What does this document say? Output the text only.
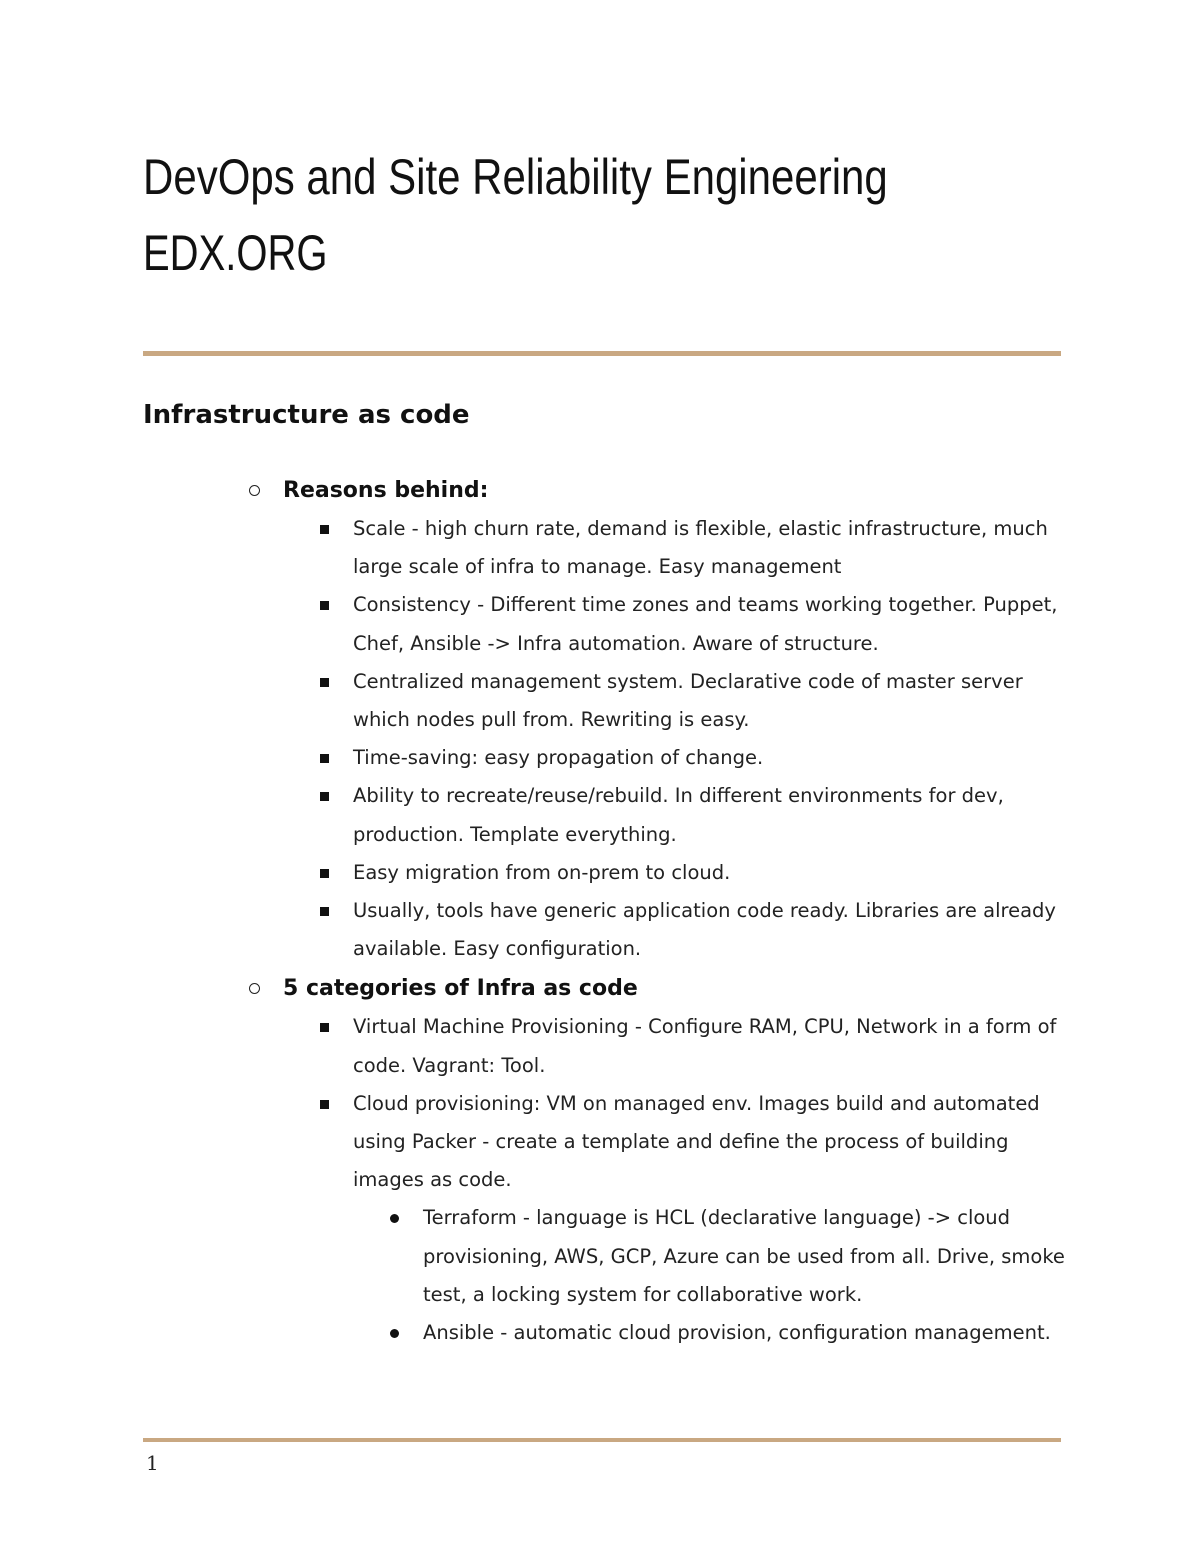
DevOps and Site Reliability Engineering
EDX.ORG
Infrastructure as code
Reasons behind:
Scale - high churn rate, demand is flexible, elastic infrastructure, much large scale of infra to manage. Easy management
Consistency - Different time zones and teams working together. Puppet, Chef, Ansible -> Infra automation. Aware of structure.
Centralized management system. Declarative code of master server which nodes pull from. Rewriting is easy.
Time-saving: easy propagation of change.
Ability to recreate/reuse/rebuild. In different environments for dev, production. Template everything.
Easy migration from on-prem to cloud.
Usually, tools have generic application code ready. Libraries are already available. Easy configuration.
5 categories of Infra as code
Virtual Machine Provisioning - Configure RAM, CPU, Network in a form of code. Vagrant: Tool.
Cloud provisioning: VM on managed env. Images build and automated using Packer - create a template and define the process of building images as code.
Terraform - language is HCL (declarative language) -> cloud provisioning, AWS, GCP, Azure can be used from all. Drive, smoke test, a locking system for collaborative work.
Ansible - automatic cloud provision, configuration management.
1
